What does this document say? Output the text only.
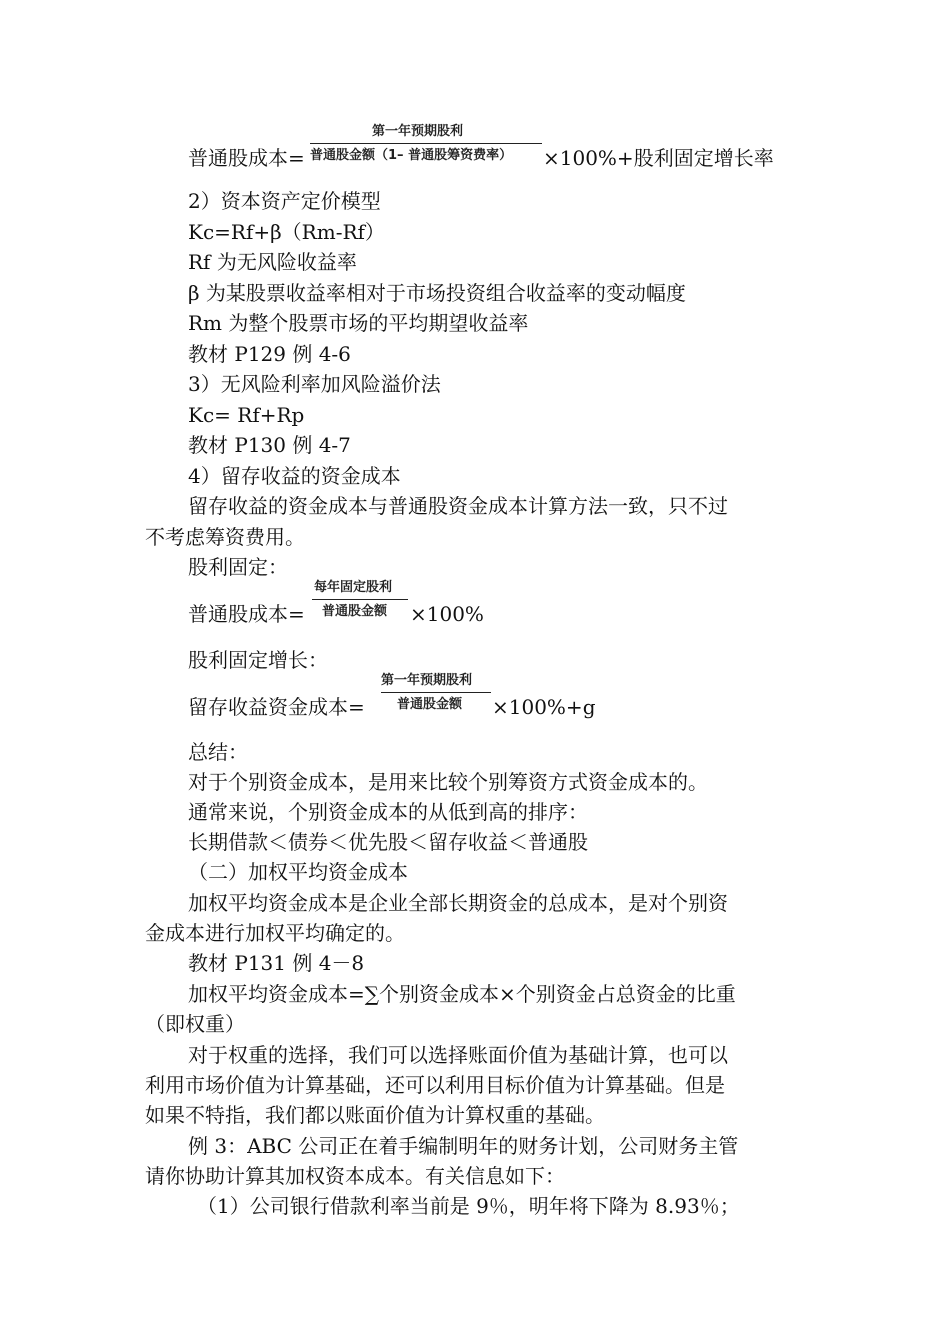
普通股成本=
第一年预期股利
普通股金额（1– 普通股筹资费率） ×100%+股利固定增长率
2）资本资产定价模型
Kc=Rf+β（Rm-Rf）
Rf 为无风险收益率
β 为某股票收益率相对于市场投资组合收益率的变动幅度
Rm 为整个股票市场的平均期望收益率
教材 P129 例 4-6
3）无风险利率加风险溢价法
Kc= Rf+Rp
教材 P130 例 4-7
4）留存收益的资金成本
留存收益的资金成本与普通股资金成本计算方法一致，只不过
不考虑筹资费用。
股利固定：
普通股成本=
每年固定股利
普通股金额 ×100%
股利固定增长：
留存收益资金成本=
第一年预期股利
普通股金额 ×100%+g
总结：
对于个别资金成本，是用来比较个别筹资方式资金成本的。
通常来说，个别资金成本的从低到高的排序：
长期借款＜债券＜优先股＜留存收益＜普通股
（二）加权平均资金成本
加权平均资金成本是企业全部长期资金的总成本，是对个别资
金成本进行加权平均确定的。
教材 P131 例 4－8
加权平均资金成本=∑个别资金成本×个别资金占总资金的比重
（即权重）
对于权重的选择，我们可以选择账面价值为基础计算，也可以
利用市场价值为计算基础，还可以利用目标价值为计算基础。但是
如果不特指，我们都以账面价值为计算权重的基础。
例 3：ABC 公司正在着手编制明年的财务计划，公司财务主管
请你协助计算其加权资本成本。有关信息如下：
（1）公司银行借款利率当前是 9％，明年将下降为 8.93％；
